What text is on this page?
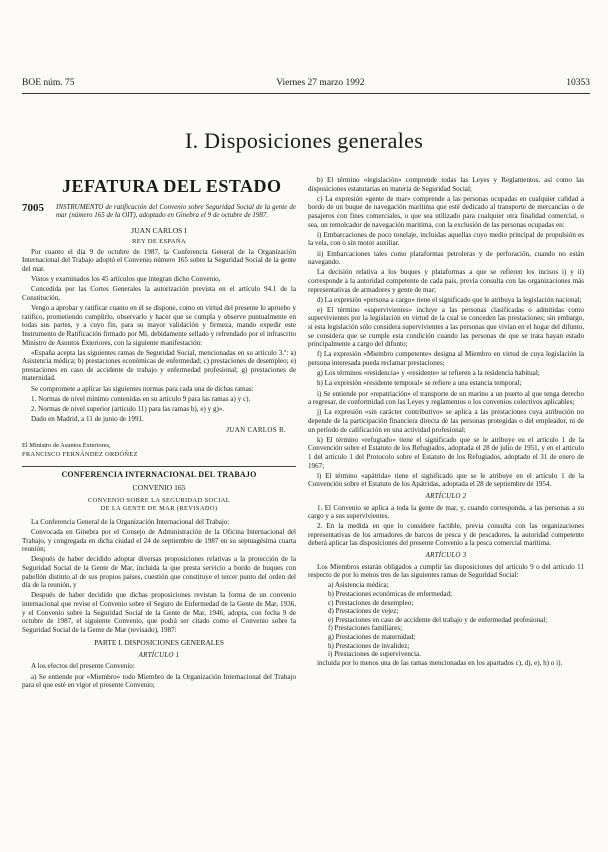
BOE núm. 75	Viernes 27 marzo 1992	10353
I. Disposiciones generales
JEFATURA DEL ESTADO
7005	INSTRUMENTO de ratificación del Convenio sobre Seguridad Social de la gente de mar (número 165 de la OIT), adoptado en Ginebra el 9 de octubre de 1987.

JUAN CARLOS I

REY DE ESPAÑA

Por cuanto el día 9 de octubre de 1987, la Conferencia General de la Organización Internacional del Trabajo adoptó el Convenio número 165 sobre la Seguridad Social de la gente del mar.

Vistos y examinados los 45 artículos que integran dicho Convenio,

Concedida por las Cortes Generales la autorización prevista en el artículo 94.1 de la Constitución,

Vengo a aprobar y ratificar cuanto en él se dispone, como en virtud del presente lo apruebo y ratifico, prometiendo cumplirlo, observarlo y hacer que se cumpla y observe puntualmente en todas sus partes, y a cuyo fin, para su mayor validación y firmeza, mando expedir este Instrumento de Ratificación firmado por Mí, debidamente sellado y refrendado por el infrascrito Ministro de Asuntos Exteriores, con la siguiente manifestación:

«España acepta las siguientes ramas de Seguridad Social, mencionadas en su artículo 3.º: a) Asistencia médica; b) prestaciones económicas de enfermedad; c) prestaciones de desempleo; e) prestaciones en caso de accidente de trabajo y enfermedad profesional; g) prestaciones de maternidad.

Se compromete a aplicar las siguientes normas para cada una de dichas ramas:

1. Normas de nivel mínimo contenidas en su artículo 9 para las ramas a) y c).

2. Normas de nivel superior (artículo 11) para las ramas b), e) y g)».

Dado en Madrid, a 11 de junio de 1991.

JUAN CARLOS R.

El Ministro de Asuntos Exteriores,

FRANCISCO FERNÁNDEZ ORDÓÑEZ

CONFERENCIA INTERNACIONAL DEL TRABAJO
CONVENIO 165
CONVENIO SOBRE LA SEGURIDAD SOCIAL
DE LA GENTE DE MAR (REVISADO)

La Conferencia General de la Organización Internacional del Trabajo:

Convocada en Ginebra por el Consejo de Administración de la Oficina Internacional del Trabajo, y congregada en dicha ciudad el 24 de septiembre de 1987 en su septuagésima cuarta reunión;

Después de haber decidido adoptar diversas proposiciones relativas a la protección de la Seguridad Social de la Gente de Mar, incluida la que presta servicio a bordo de buques con pabellón distinto al de sus propios países, cuestión que constituye el tercer punto del orden del día de la reunión, y

Después de haber decidido que dichas proposiciones revistan la forma de un convenio internacional que revise el Convenio sobre el Seguro de Enfermedad de la Gente de Mar, 1936, y el Convenio sobre la Seguridad Social de la Gente de Mar, 1946, adopta, con fecha 9 de octubre de 1987, el siguiente Convenio, que podrá ser citado como el Convenio sobre la Seguridad Social de la Gente de Mar (revisado), 1987:

PARTE I. DISPOSICIONES GENERALES
ARTÍCULO 1

A los efectos del presente Convenio:

a) Se entiende por «Miembro» todo Miembro de la Organización Internacional del Trabajo para el que esté en vigor el presente Convenio;

b) El término «legislación» comprende todas las Leyes y Reglamentos, así como las disposiciones estatutarias en materia de Seguridad Social;

c) La expresión «gente de mar» comprende a las personas ocupadas en cualquier calidad a bordo de un buque de navegación marítima que esté dedicado al transporte de mercancías o de pasajeros con fines comerciales, o que sea utilizado para cualquier otra finalidad comercial, o sea, un remolcador de navegación marítima, con la exclusión de las personas ocupadas en:

i) Embarcaciones de poco tonelaje, incluidas aquellas cuyo medio principal de propulsión es la vela, con o sin motor auxiliar.

ii) Embarcaciones tales como plataformas petroleras y de perforación, cuando no están navegando.

La decisión relativa a los buques y plataformas a que se refieren los incisos i) y ii) corresponde a la autoridad competente de cada país, previa consulta con las organizaciones más representativas de armadores y gente de mar;

d) La expresión «persona a cargo» tiene el significado que le atribuya la legislación nacional;

e) El término «supervivientes» incluye a las personas clasificadas o admitidas como supervivientes por la legislación en virtud de la cual se conceden las prestaciones; sin embargo, si esta legislación sólo considera supervivientes a las personas que vivían en el hogar del difunto, se considera que se cumple esta condición cuando las personas de que se trata hayan estado principalmente a cargo del difunto;

f) La expresión «Miembro competente» designa al Miembro en virtud de cuya legislación la persona interesada pueda reclamar prestaciones;

g) Los términos «residencia» y «residente» se refieren a la residencia habitual;

h) La expresión «residente temporal» se refiere a una estancia temporal;

i) Se entiende por «repatriación» el transporte de un marino a un puerto al que tenga derecho a regresar, de conformidad con las Leyes y reglamentos o los convenios colectivos aplicables;

j) La expresión «sin carácter contributivo» se aplica a las prestaciones cuya atribución no depende de la participación financiera directa de las personas protegidas o del empleador, ni de un período de calificación en una actividad profesional;

k) El término «refugiado» tiene el significado que se le atribuye en el artículo 1 de la Convención sobre el Estatuto de los Refugiados, adoptada el 28 de julio de 1951, y en el artículo 1 del artículo 1 del Protocolo sobre el Estatuto de los Refugiados, adoptado el 31 de enero de 1967;

l) El término «apátrida» tiene el significado que se le atribuye en el artículo 1 de la Convención sobre el Estatuto de los Apátridas, adoptada el 28 de septiembre de 1954.

ARTÍCULO 2

1. El Convenio se aplica a toda la gente de mar, y, cuando corresponda, a las personas a su cargo y a sus supervivientes.

2. En la medida en que lo considere factible, previa consulta con las organizaciones representativas de los armadores de barcos de pesca y de pescadores, la autoridad competente deberá aplicar las disposiciones del presente Convenio a la pesca comercial marítima.

ARTÍCULO 3

Los Miembros estarán obligados a cumplir las disposiciones del artículo 9 o del artículo 11 respecto de por lo menos tres de las siguientes ramas de Seguridad Social:

a) Asistencia médica;

b) Prestaciones económicas de enfermedad;

c) Prestaciones de desempleo;

d) Prestaciones de vejez;

e) Prestaciones en caso de accidente del trabajo y de enfermedad profesional;

f) Prestaciones familiares;

g) Prestaciones de maternidad;

h) Prestaciones de invalidez;

i) Prestaciones de supervivencia.

incluida por lo menos una de las ramas mencionadas en los apartados c), d), e), h) o i).
